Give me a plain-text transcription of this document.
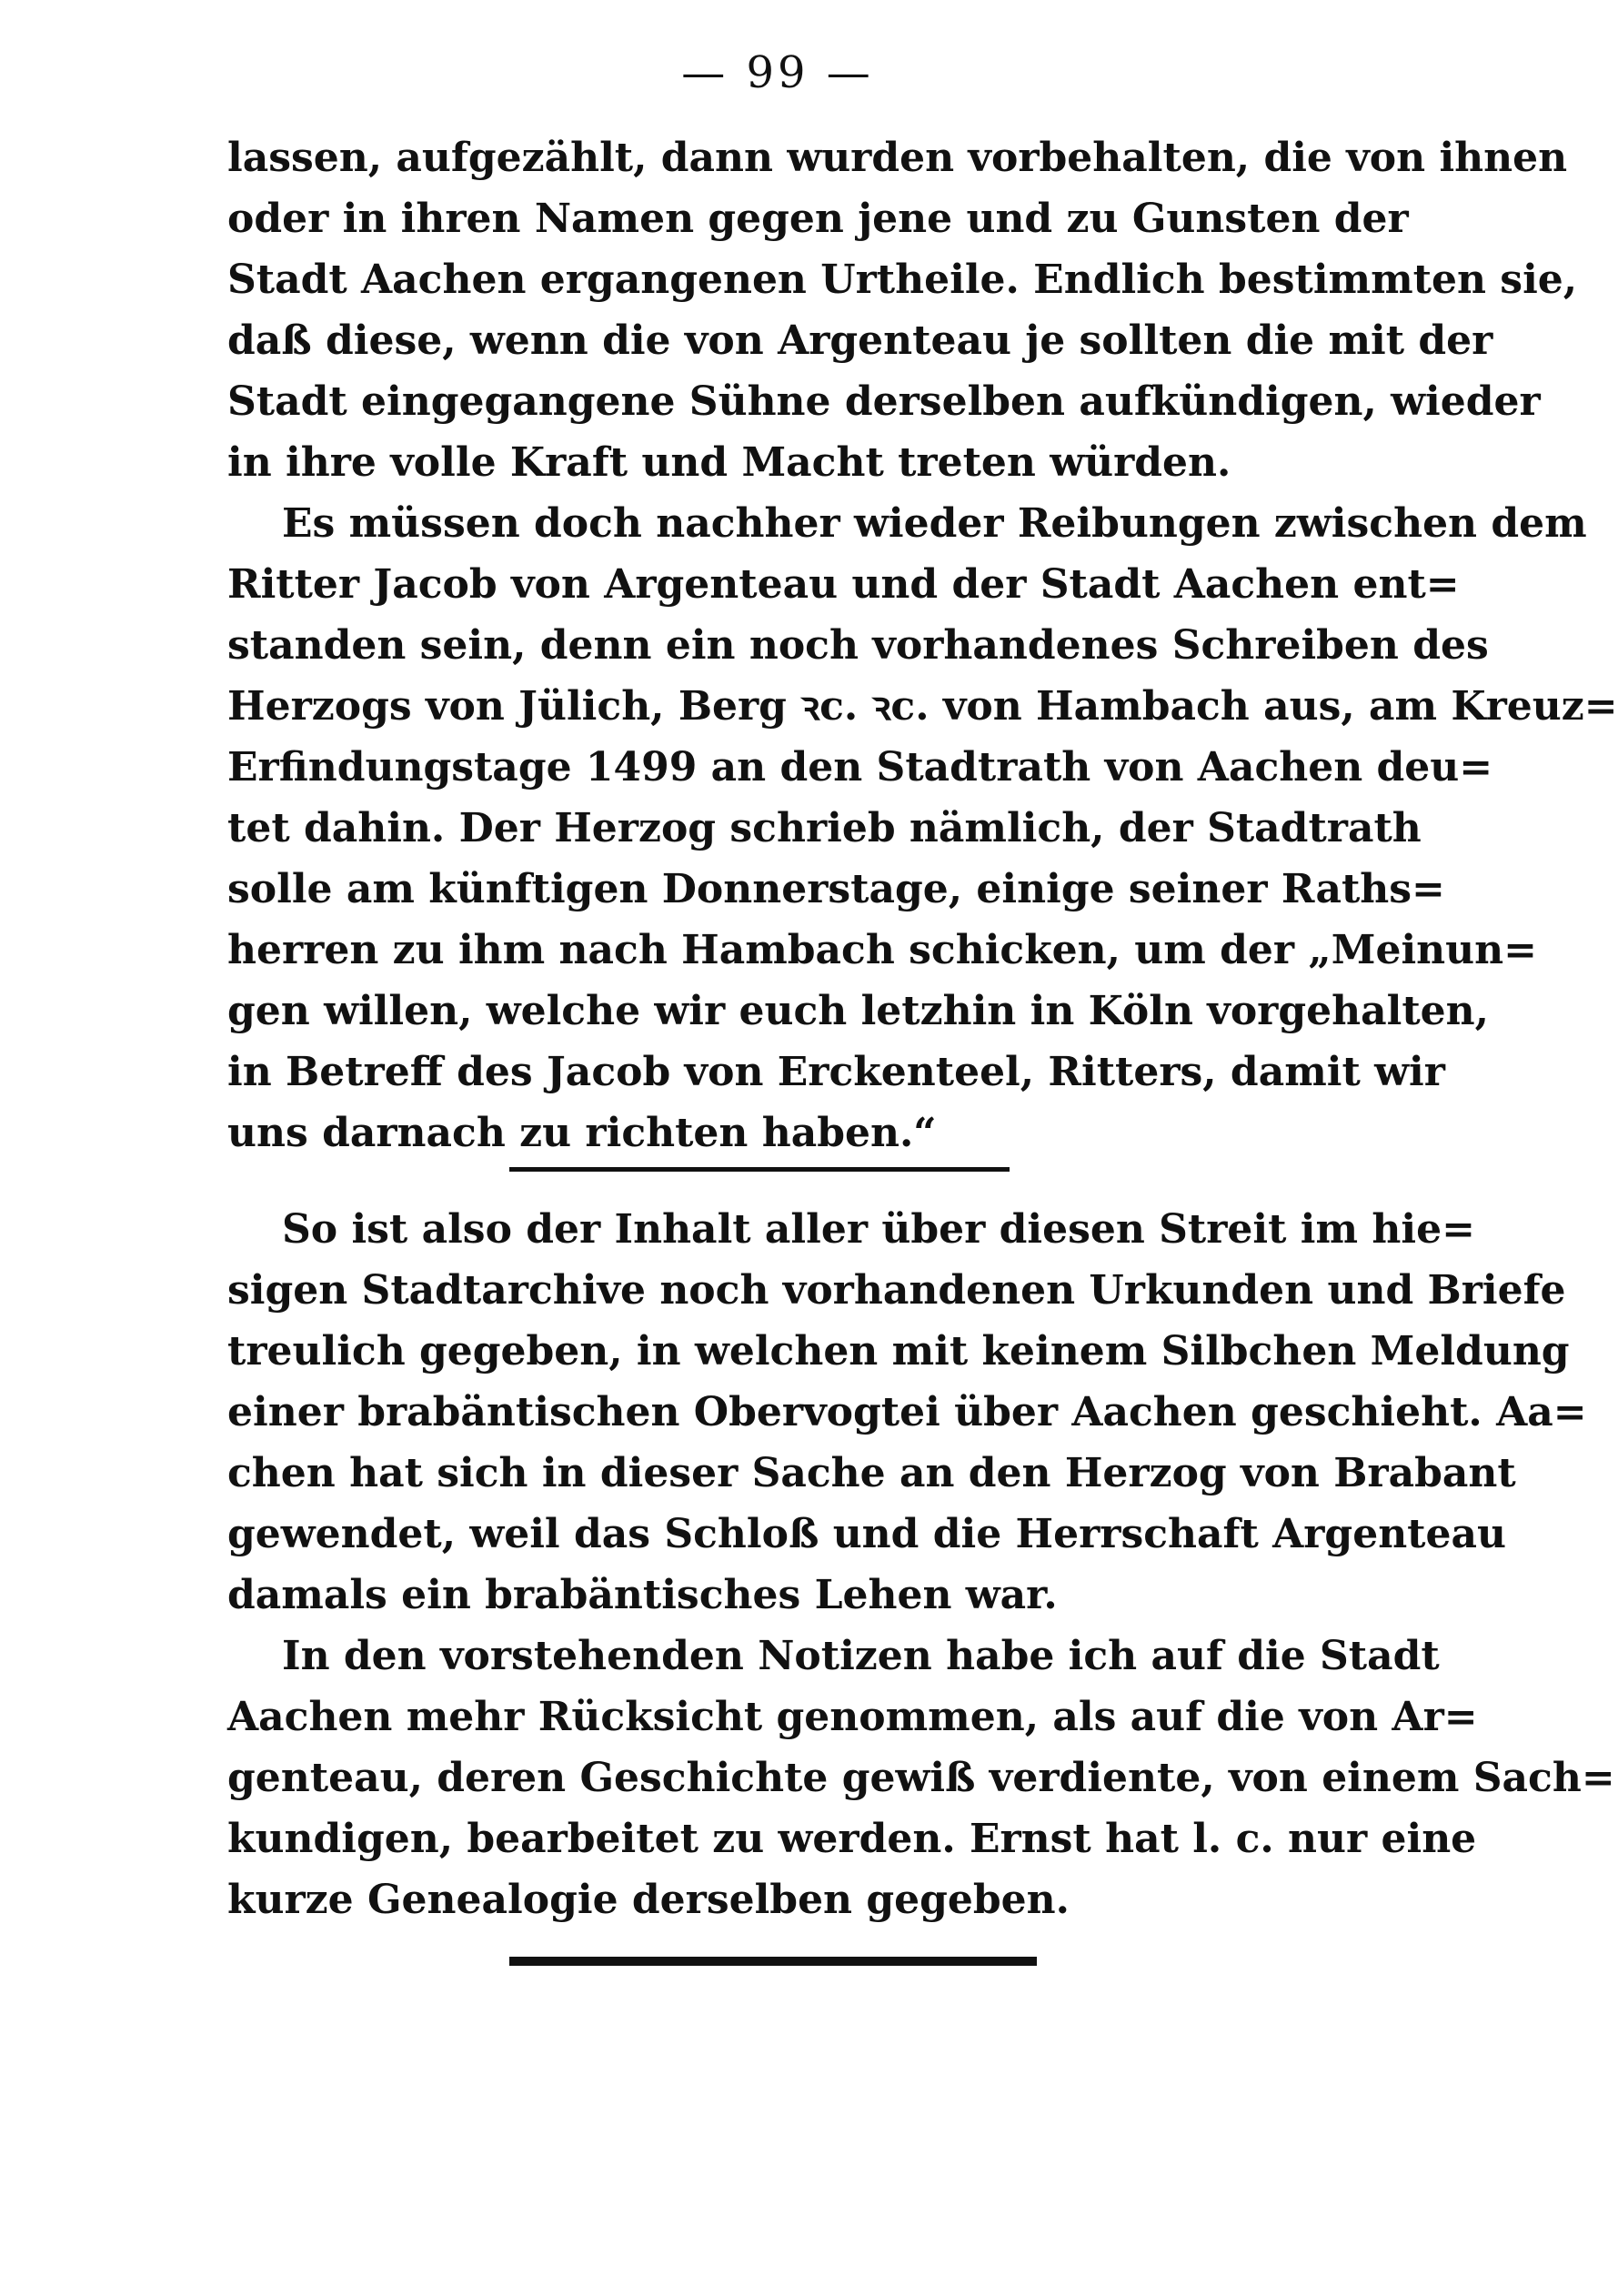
— 99 —
lassen, aufgezählt, dann wurden vorbehalten, die von ihnen
oder in ihren Namen gegen jene und zu Gunsten der
Stadt Aachen ergangenen Urtheile. Endlich bestimmten sie,
daß diese, wenn die von Argenteau je sollten die mit der
Stadt eingegangene Sühne derselben aufkündigen, wieder
in ihre volle Kraft und Macht treten würden.
Es müssen doch nachher wieder Reibungen zwischen dem
Ritter Jacob von Argenteau und der Stadt Aachen ent=
standen sein, denn ein noch vorhandenes Schreiben des
Herzogs von Jülich, Berg ꝛc. ꝛc. von Hambach aus, am Kreuz=
Erfindungstage 1499 an den Stadtrath von Aachen deu=
tet dahin. Der Herzog schrieb nämlich, der Stadtrath
solle am künftigen Donnerstage, einige seiner Raths=
herren zu ihm nach Hambach schicken, um der „Meinun=
gen willen, welche wir euch letzhin in Köln vorgehalten,
in Betreff des Jacob von Erckenteel, Ritters, damit wir
uns darnach zu richten haben.“
So ist also der Inhalt aller über diesen Streit im hie=
sigen Stadtarchive noch vorhandenen Urkunden und Briefe
treulich gegeben, in welchen mit keinem Silbchen Meldung
einer brabäntischen Obervogtei über Aachen geschieht. Aa=
chen hat sich in dieser Sache an den Herzog von Brabant
gewendet, weil das Schloß und die Herrschaft Argenteau
damals ein brabäntisches Lehen war.
In den vorstehenden Notizen habe ich auf die Stadt
Aachen mehr Rücksicht genommen, als auf die von Ar=
genteau, deren Geschichte gewiß verdiente, von einem Sach=
kundigen, bearbeitet zu werden. Ernst hat l. c. nur eine
kurze Genealogie derselben gegeben.
